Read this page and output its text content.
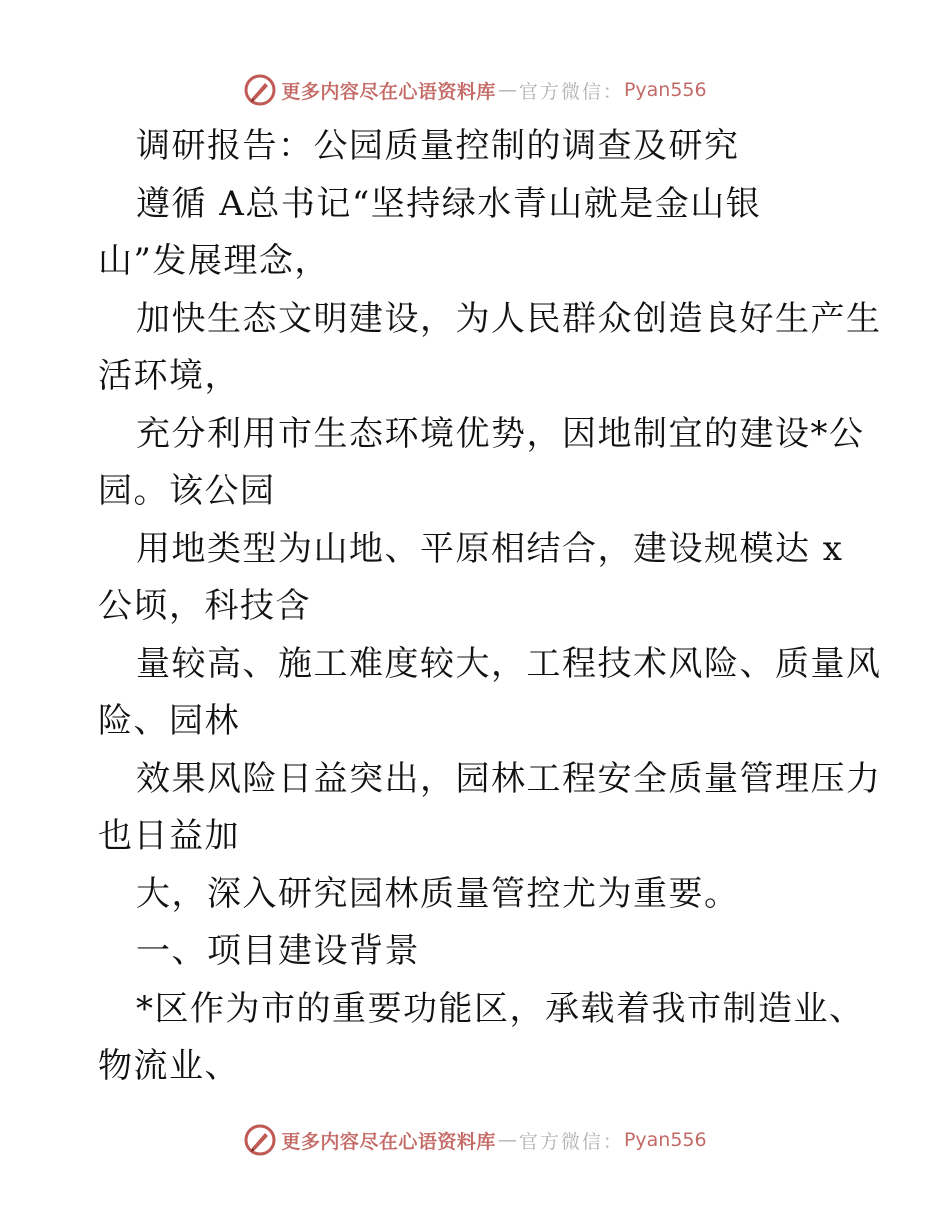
更多内容尽在心语资料库 — 官方微信： Pyan556
调研报告：公园质量控制的调查及研究
遵循 A总书记“坚持绿水青山就是金山银
山”发展理念，
加快生态文明建设，为人民群众创造良好生产生
活环境，
充分利用市生态环境优势，因地制宜的建设*公
园。该公园
用地类型为山地、平原相结合，建设规模达 x
公顷，科技含
量较高、施工难度较大，工程技术风险、质量风
险、园林
效果风险日益突出，园林工程安全质量管理压力
也日益加
大，深入研究园林质量管控尤为重要。
一、项目建设背景
*区作为市的重要功能区，承载着我市制造业、
物流业、
更多内容尽在心语资料库 — 官方微信： Pyan556
